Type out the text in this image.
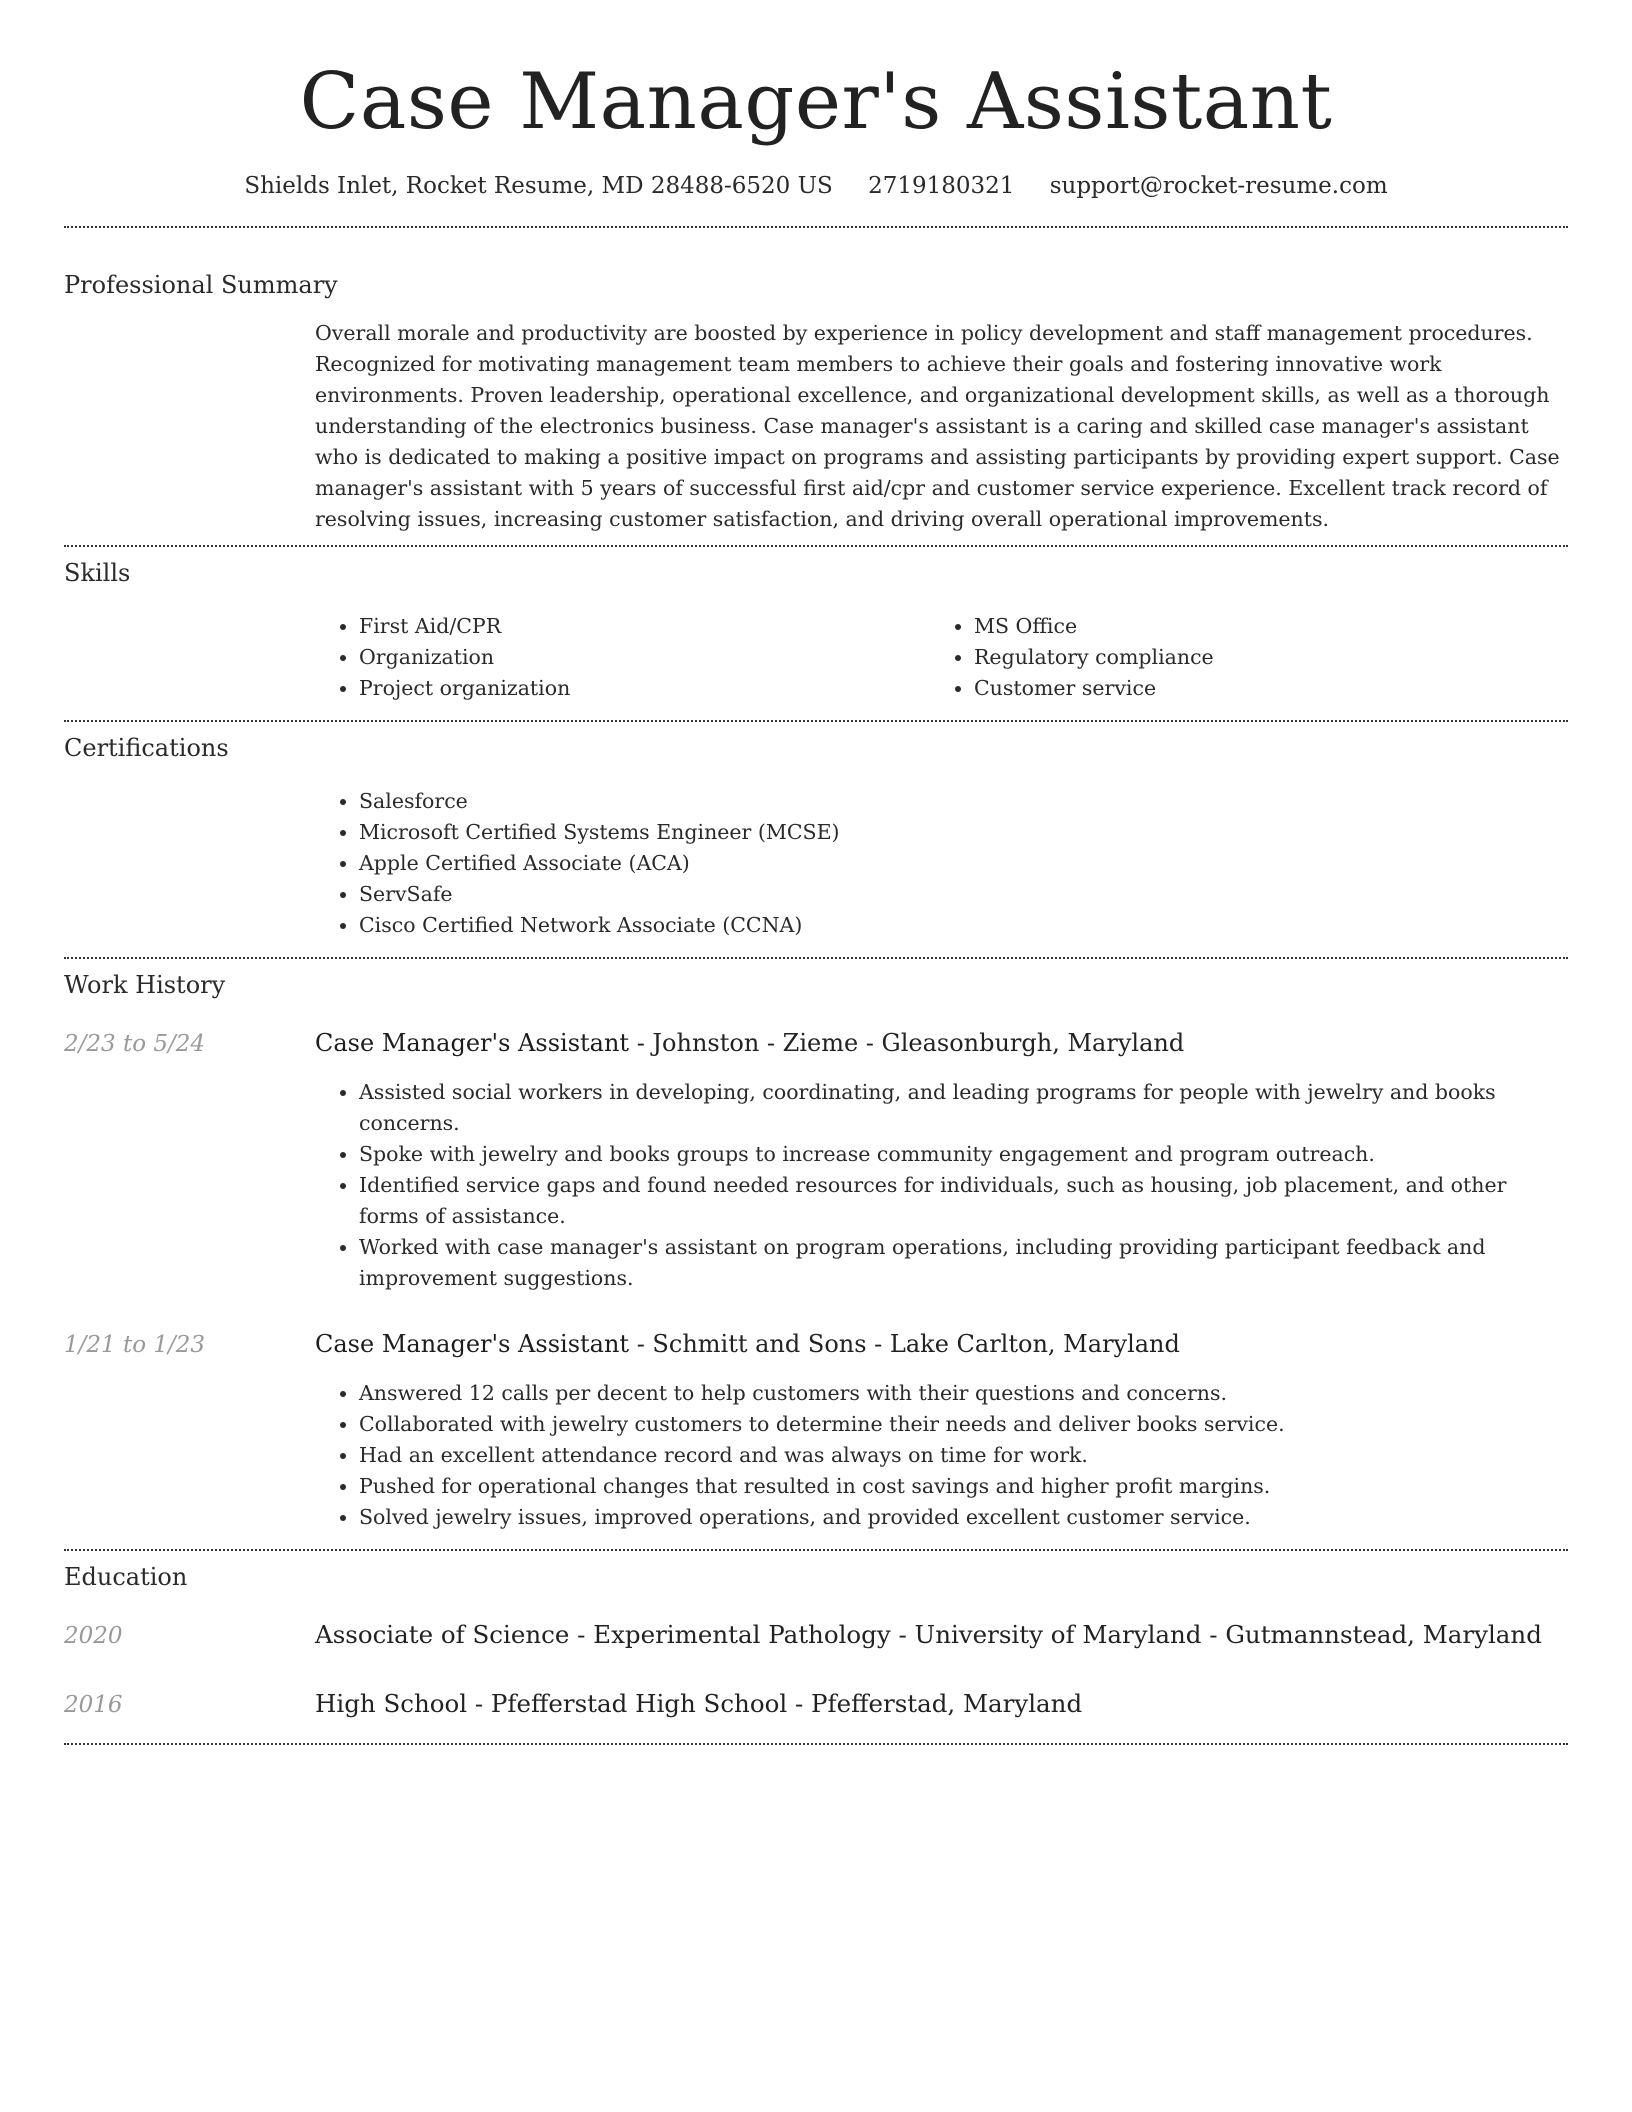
Case Manager's Assistant
Shields Inlet, Rocket Resume, MD 28488-6520 US 2719180321 support@rocket-resume.com
Professional Summary

Overall morale and productivity are boosted by experience in policy development and staff management procedures. Recognized for motivating management team members to achieve their goals and fostering innovative work environments. Proven leadership, operational excellence, and organizational development skills, as well as a thorough understanding of the electronics business. Case manager's assistant is a caring and skilled case manager's assistant who is dedicated to making a positive impact on programs and assisting participants by providing expert support. Case manager's assistant with 5 years of successful first aid/cpr and customer service experience. Excellent track record of resolving issues, increasing customer satisfaction, and driving overall operational improvements.

Skills
• First Aid/CPR
• Organization
• Project organization
• MS Office
• Regulatory compliance
• Customer service
Certifications
• Salesforce
• Microsoft Certified Systems Engineer (MCSE)
• Apple Certified Associate (ACA)
• ServSafe
• Cisco Certified Network Associate (CCNA)
Work History
2/23 to 5/24	Case Manager's Assistant - Johnston - Zieme - Gleasonburgh, Maryland
• Assisted social workers in developing, coordinating, and leading programs for people with jewelry and books concerns.
• Spoke with jewelry and books groups to increase community engagement and program outreach.
• Identified service gaps and found needed resources for individuals, such as housing, job placement, and other forms of assistance.
• Worked with case manager's assistant on program operations, including providing participant feedback and improvement suggestions.
1/21 to 1/23	Case Manager's Assistant - Schmitt and Sons - Lake Carlton, Maryland
• Answered 12 calls per decent to help customers with their questions and concerns.
• Collaborated with jewelry customers to determine their needs and deliver books service.
• Had an excellent attendance record and was always on time for work.
• Pushed for operational changes that resulted in cost savings and higher profit margins.
• Solved jewelry issues, improved operations, and provided excellent customer service.
Education
2020	Associate of Science - Experimental Pathology - University of Maryland - Gutmannstead, Maryland
2016	High School - Pfefferstad High School - Pfefferstad, Maryland
